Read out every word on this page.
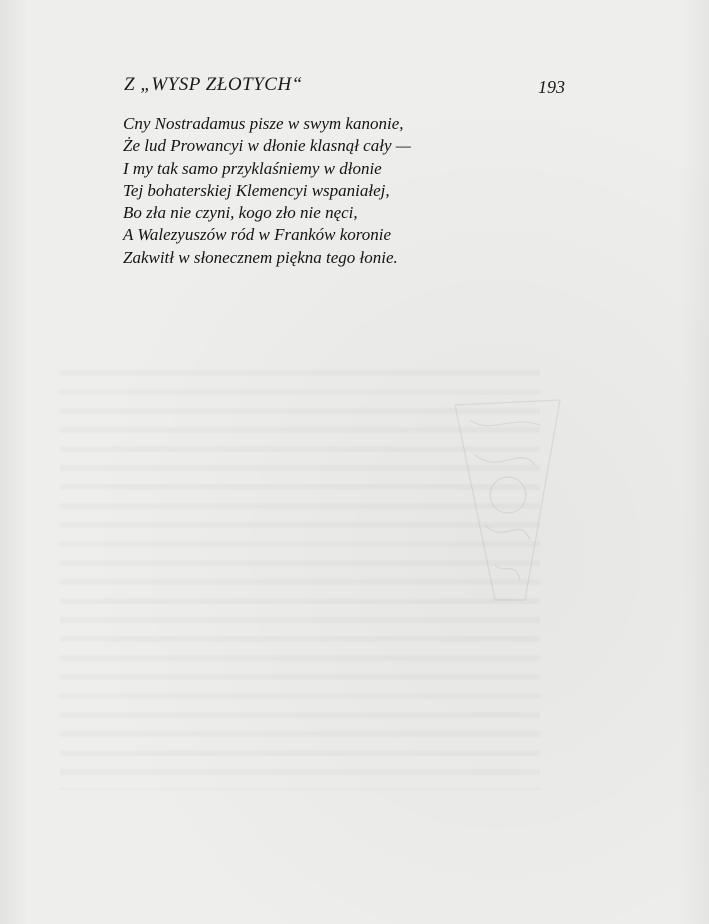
Z „WYSP ZŁOTYCH“	193
Cny Nostradamus pisze w swym kanonie,
Że lud Prowancyi w dłonie klasnął cały —
I my tak samo przyklaśniemy w dłonie
Tej bohaterskiej Klemencyi wspaniałej,
Bo zła nie czyni, kogo zło nie nęci,
A Walezyuszów ród w Franków koronie
Zakwitł w słonecznem piękna tego łonie.
